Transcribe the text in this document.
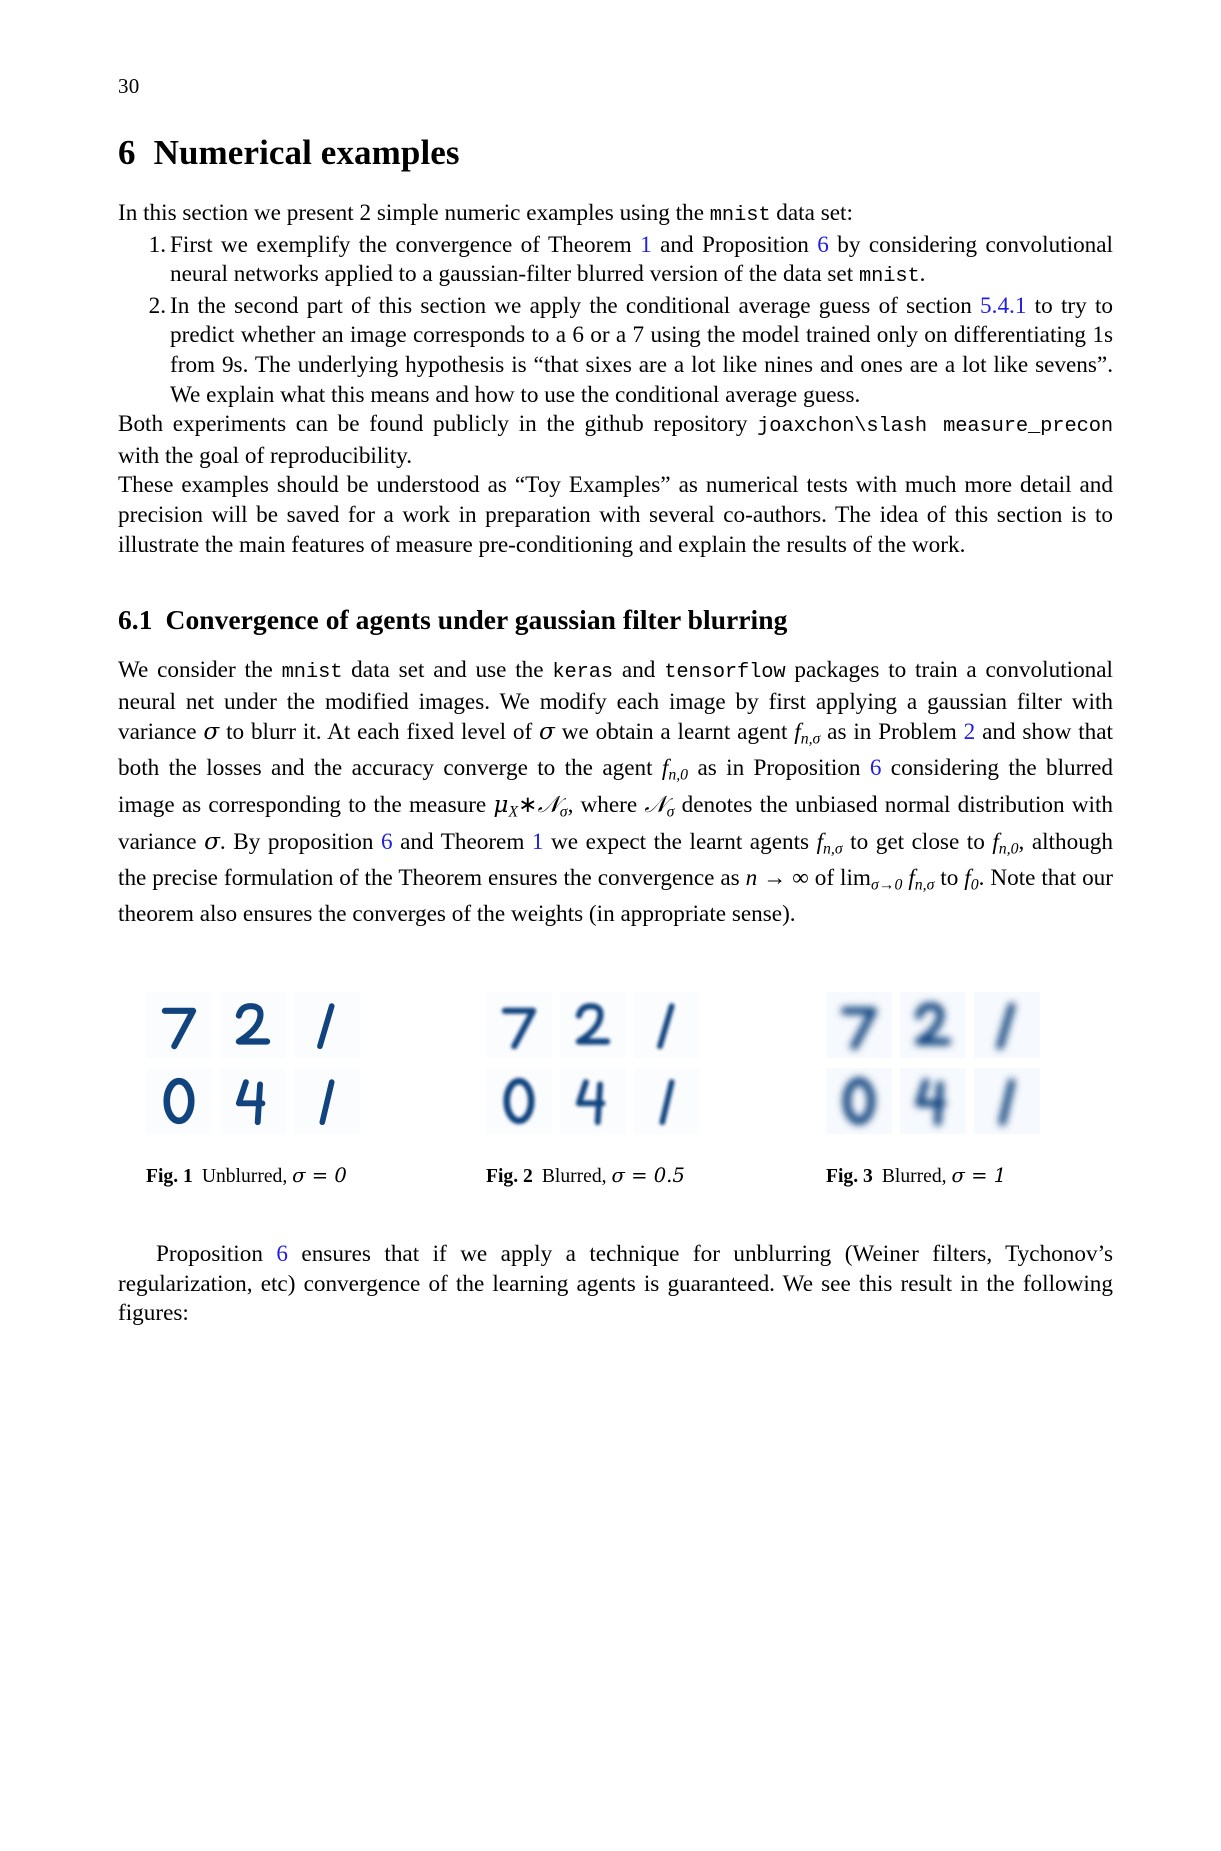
30
6 Numerical examples

In this section we present 2 simple numeric examples using the mnist data set:

1. First we exemplify the convergence of Theorem 1 and Proposition 6 by considering convolutional neural networks applied to a gaussian-filter blurred version of the data set mnist.
2. In the second part of this section we apply the conditional average guess of section 5.4.1 to try to predict whether an image corresponds to a 6 or a 7 using the model trained only on differentiating 1s from 9s. The underlying hypothesis is “that sixes are a lot like nines and ones are a lot like sevens”. We explain what this means and how to use the conditional average guess.

Both experiments can be found publicly in the github repository joaxchon\slash measure_precon with the goal of reproducibility.

These examples should be understood as “Toy Examples” as numerical tests with much more detail and precision will be saved for a work in preparation with several co-authors. The idea of this section is to illustrate the main features of measure pre-conditioning and explain the results of the work.

6.1 Convergence of agents under gaussian filter blurring

We consider the mnist data set and use the keras and tensorflow packages to train a convolutional neural net under the modified images. We modify each image by first applying a gaussian filter with variance σ to blurr it. At each fixed level of σ we obtain a learnt agent $f_{n,\sigma}$ as in Problem 2 and show that both the losses and the accuracy converge to the agent $f_{n,0}$ as in Proposition 6 considering the blurred image as corresponding to the measure $\mu_X∗𝒩_\sigma$, where 𝒩$_\sigma$ denotes the unbiased normal distribution with variance σ. By proposition 6 and Theorem 1 we expect the learnt agents $f_{n,\sigma}$ to get close to $f_{n,0}$, although the precise formulation of the Theorem ensures the convergence as n → ∞ of $\lim_{\sigma\to 0} f_{n,\sigma}$ to $f_0$. Note that our theorem also ensures the converges of the weights (in appropriate sense).

Fig. 1 Unblurred, σ = 0	Fig. 2 Blurred, σ = 0.5	Fig. 3 Blurred, σ = 1

Proposition 6 ensures that if we apply a technique for unblurring (Weiner filters, Tychonov’s regularization, etc) convergence of the learning agents is guaranteed. We see this result in the following figures:
